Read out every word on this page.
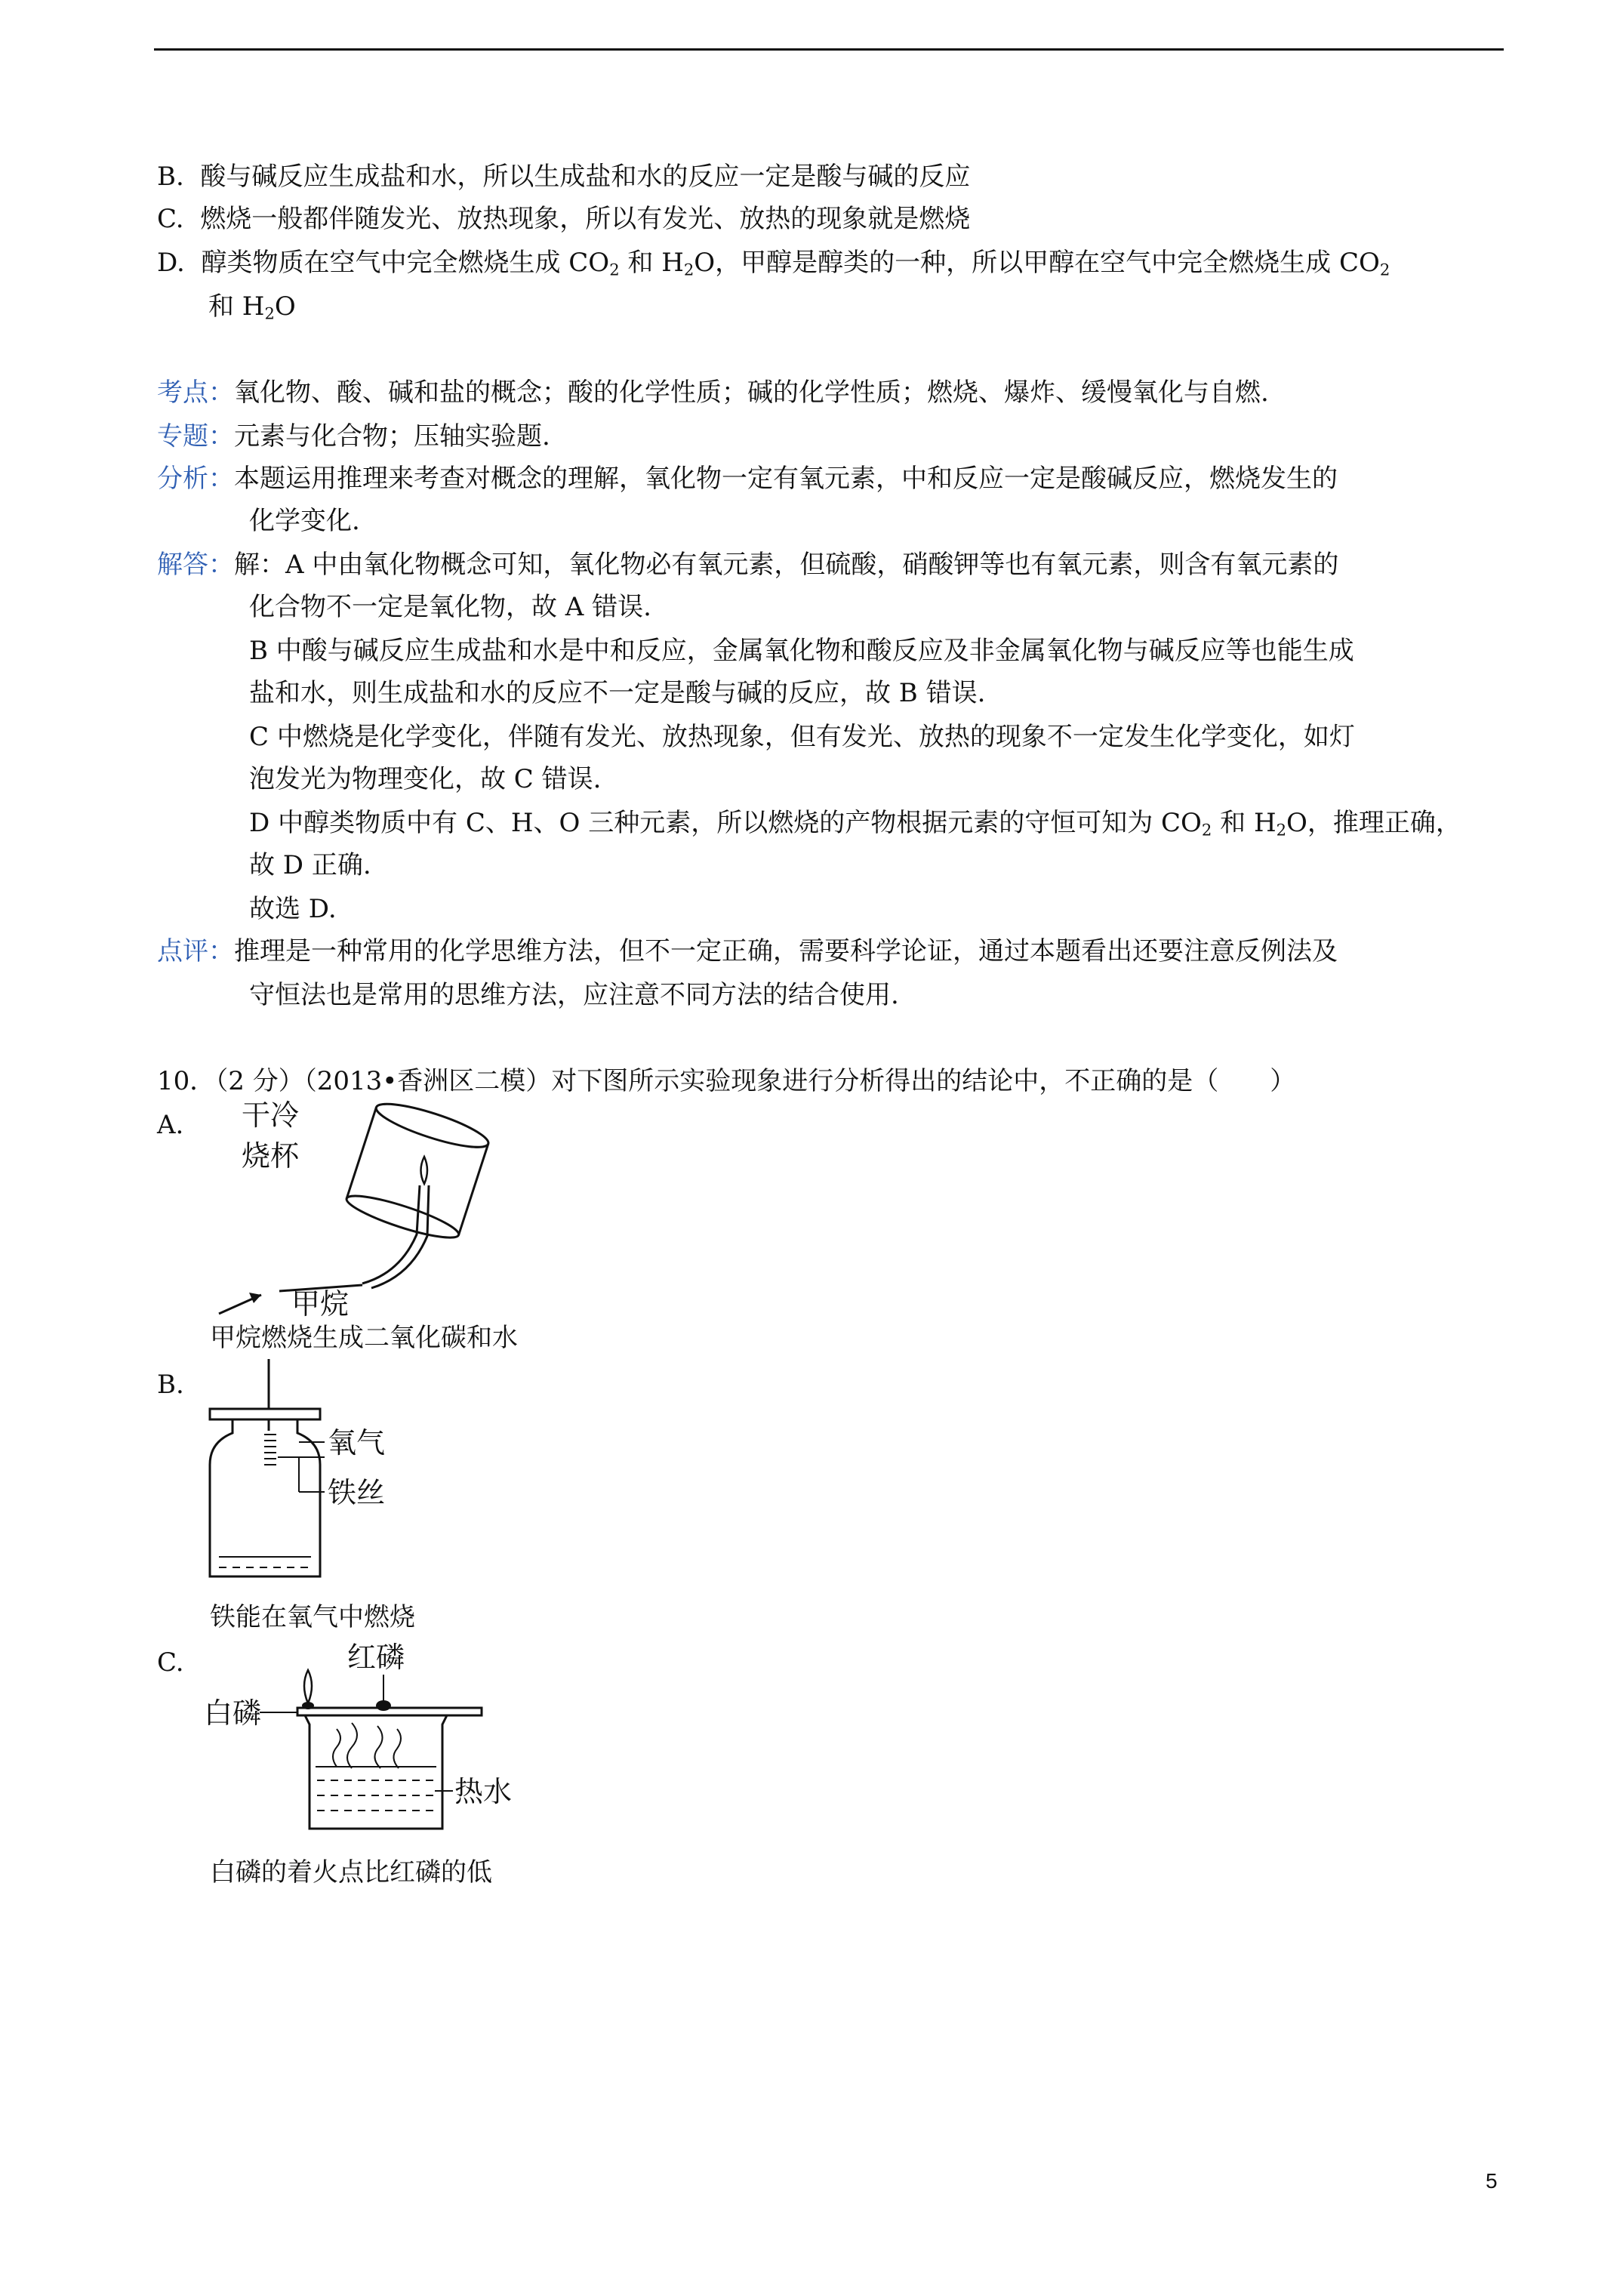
B. 酸与碱反应生成盐和水，所以生成盐和水的反应一定是酸与碱的反应
C. 燃烧一般都伴随发光、放热现象，所以有发光、放热的现象就是燃烧
D. 醇类物质在空气中完全燃烧生成 $CO_2$ 和 $H_2O$，甲醇是醇类的一种，所以甲醇在空气中完全燃烧生成 $CO_2$
和 $H_2O$
考点：氧化物、酸、碱和盐的概念；酸的化学性质；碱的化学性质；燃烧、爆炸、缓慢氧化与自燃.
专题：元素与化合物；压轴实验题.
分析：本题运用推理来考查对概念的理解，氧化物一定有氧元素，中和反应一定是酸碱反应，燃烧发生的
化学变化.
解答：解：A 中由氧化物概念可知，氧化物必有氧元素，但硫酸，硝酸钾等也有氧元素，则含有氧元素的
化合物不一定是氧化物，故 A 错误.
B 中酸与碱反应生成盐和水是中和反应，金属氧化物和酸反应及非金属氧化物与碱反应等也能生成
盐和水，则生成盐和水的反应不一定是酸与碱的反应，故 B 错误.
C 中燃烧是化学变化，伴随有发光、放热现象，但有发光、放热的现象不一定发生化学变化，如灯
泡发光为物理变化，故 C 错误.
D 中醇类物质中有 C、H、O 三种元素，所以燃烧的产物根据元素的守恒可知为 $CO_2$ 和 $H_2O$，推理正确，
故 D 正确.
故选 D.
点评：推理是一种常用的化学思维方法，但不一定正确，需要科学论证，通过本题看出还要注意反例法及
守恒法也是常用的思维方法，应注意不同方法的结合使用.
10．（2 分）（2013•香洲区二模）对下图所示实验现象进行分析得出的结论中，不正确的是（　　）
A. 干冷
烧杯
甲烷
甲烷燃烧生成二氧化碳和水
B.
氧气
铁丝
铁能在氧气中燃烧
C.	红磷
白磷
热水
白磷的着火点比红磷的低
5
